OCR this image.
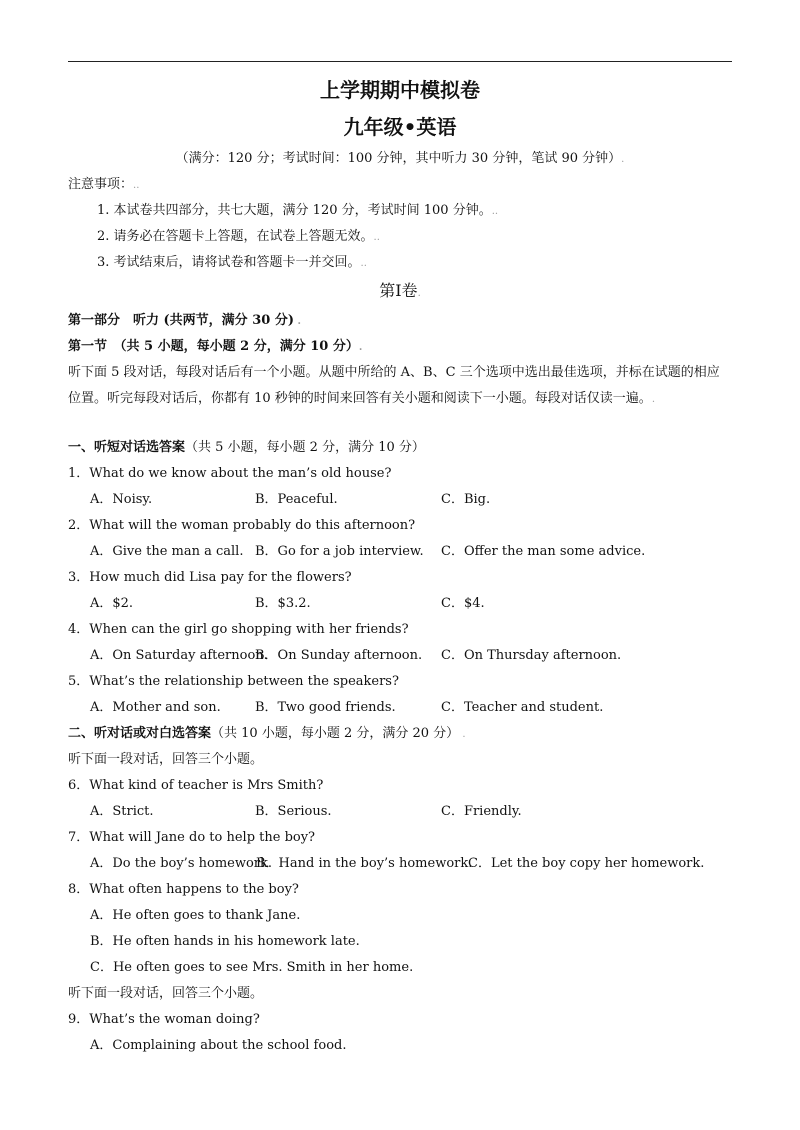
上学期期中模拟卷
九年级•英语
（满分：120 分；考试时间：100 分钟，其中听力 30 分钟，笔试 90 分钟）.
注意事项：..
1. 本试卷共四部分，共七大题，满分 120 分，考试时间 100 分钟。..
2. 请务必在答题卡上答题，在试卷上答题无效。..
3. 考试结束后，请将试卷和答题卡一并交回。..
第I卷.
第一部分　听力 (共两节，满分 30 分) .
第一节　（共 5 小题，每小题 2 分，满分 10 分）.
听下面 5 段对话，每段对话后有一个小题。从题中所给的 A、B、C 三个选项中选出最佳选项，并标在试题的相应位置。听完每段对话后，你都有 10 秒钟的时间来回答有关小题和阅读下一小题。每段对话仅读一遍。.
一、听短对话选答案（共 5 小题，每小题 2 分，满分 10 分）
1．What do we know about the man’s old house?
A．Noisy.	B．Peaceful.	C．Big.
2．What will the woman probably do this afternoon?
A．Give the man a call. B．Go for a job interview. C．Offer the man some advice.
3．How much did Lisa pay for the flowers?
A．$2.	B．$3.2.	C．$4.
4．When can the girl go shopping with her friends?
A．On Saturday afternoon.
B．On Sunday afternoon. C．On Thursday afternoon.
5．What’s the relationship between the speakers?
A．Mother and son.	B．Two good friends.	C．Teacher and student.
二、听对话或对白选答案（共 10 小题，每小题 2 分，满分 20 分） .
听下面一段对话，回答三个小题。
6．What kind of teacher is Mrs Smith?
A．Strict.	B．Serious.	C．Friendly.
7．What will Jane do to help the boy?
A．Do the boy’s homework.
B．Hand in the boy’s homework.
C．Let the boy copy her homework.
8．What often happens to the boy?
A．He often goes to thank Jane.
B．He often hands in his homework late.
C．He often goes to see Mrs. Smith in her home.
听下面一段对话，回答三个小题。
9．What’s the woman doing?
A．Complaining about the school food.
